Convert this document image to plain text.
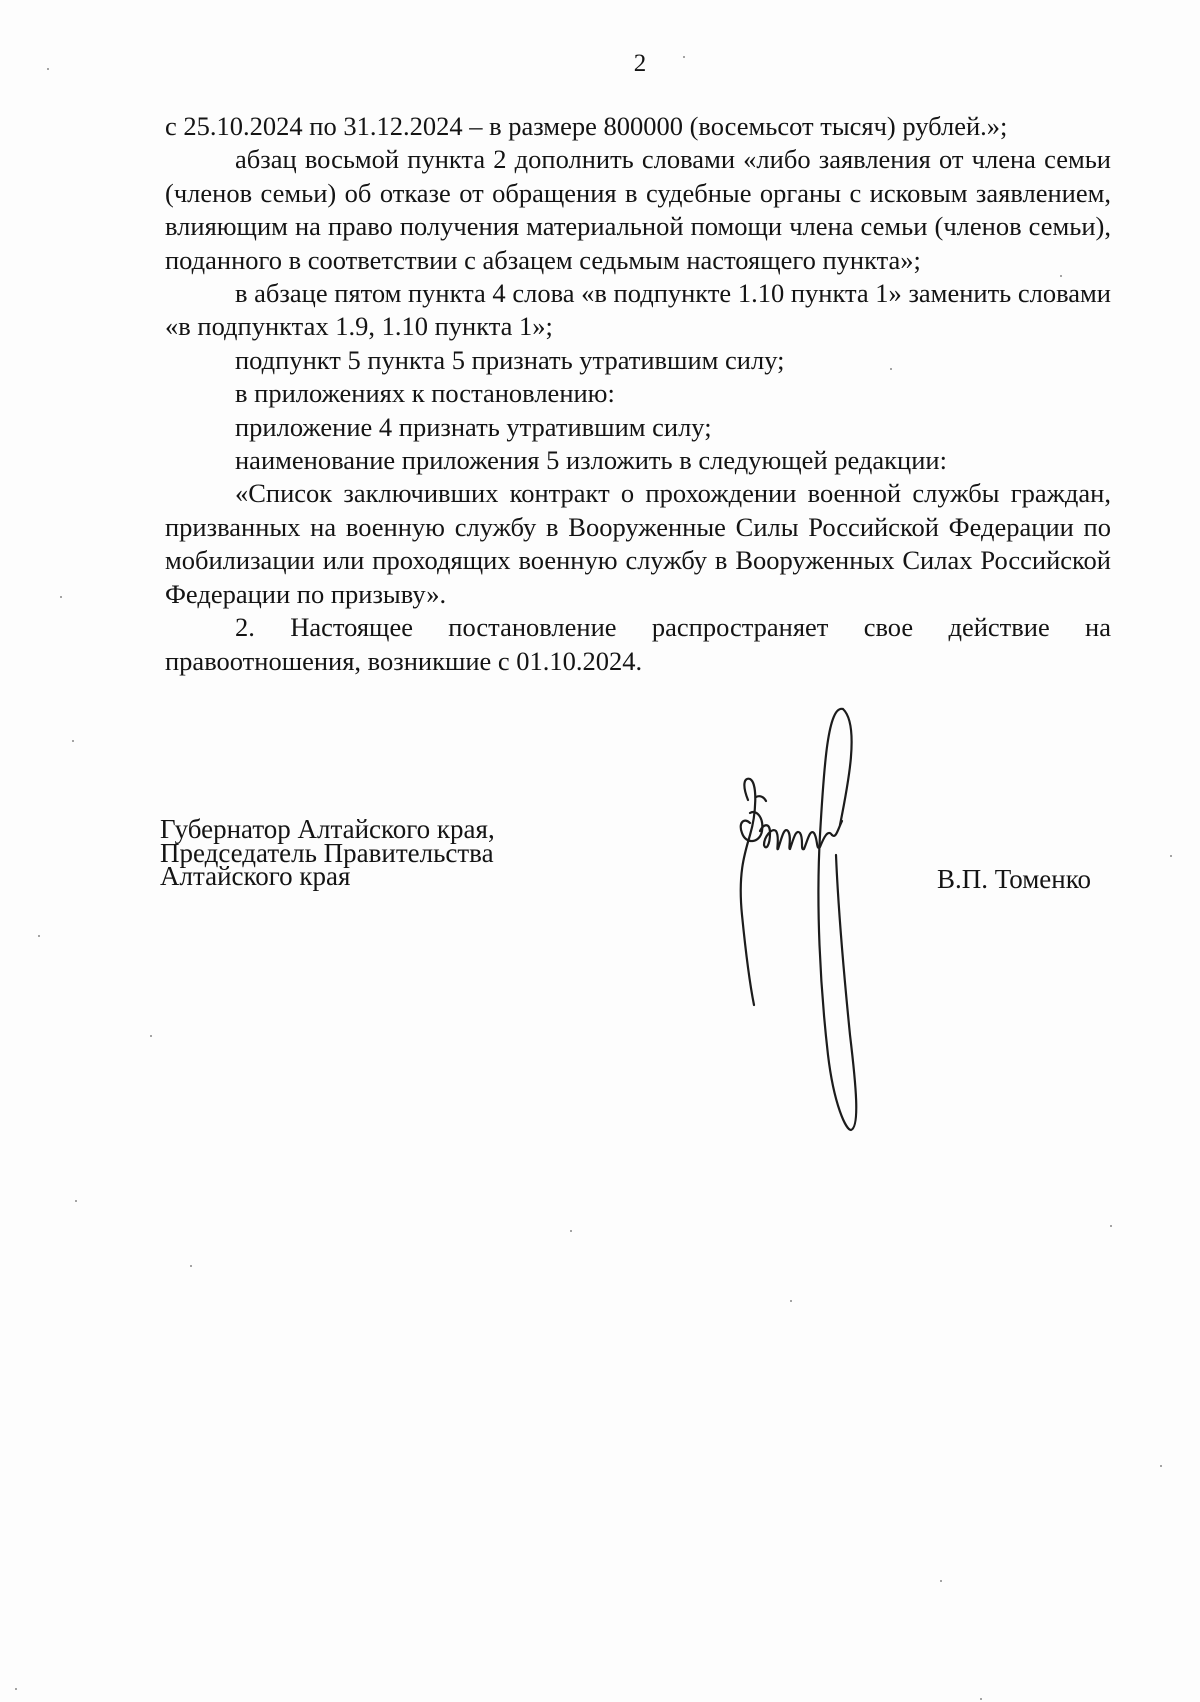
2

с 25.10.2024 по 31.12.2024 – в размере 800000 (восемьсот тысяч) рублей.»;

абзац восьмой пункта 2 дополнить словами «либо заявления от члена семьи (членов семьи) об отказе от обращения в судебные органы с исковым заявлением, влияющим на право получения материальной помощи члена семьи (членов семьи), поданного в соответствии с абзацем седьмым настоящего пункта»;

в абзаце пятом пункта 4 слова «в подпункте 1.10 пункта 1» заменить словами «в подпунктах 1.9, 1.10 пункта 1»;

подпункт 5 пункта 5 признать утратившим силу;

в приложениях к постановлению:

приложение 4 признать утратившим силу;

наименование приложения 5 изложить в следующей редакции:

«Список заключивших контракт о прохождении военной службы граждан, призванных на военную службу в Вооруженные Силы Российской Федерации по мобилизации или проходящих военную службу в Вооруженных Силах Российской Федерации по призыву».

2. Настоящее постановление распространяет свое действие на правоотношения, возникшие с 01.10.2024.

Губернатор Алтайского края,
Председатель Правительства
Алтайского края	В.П. Томенко
